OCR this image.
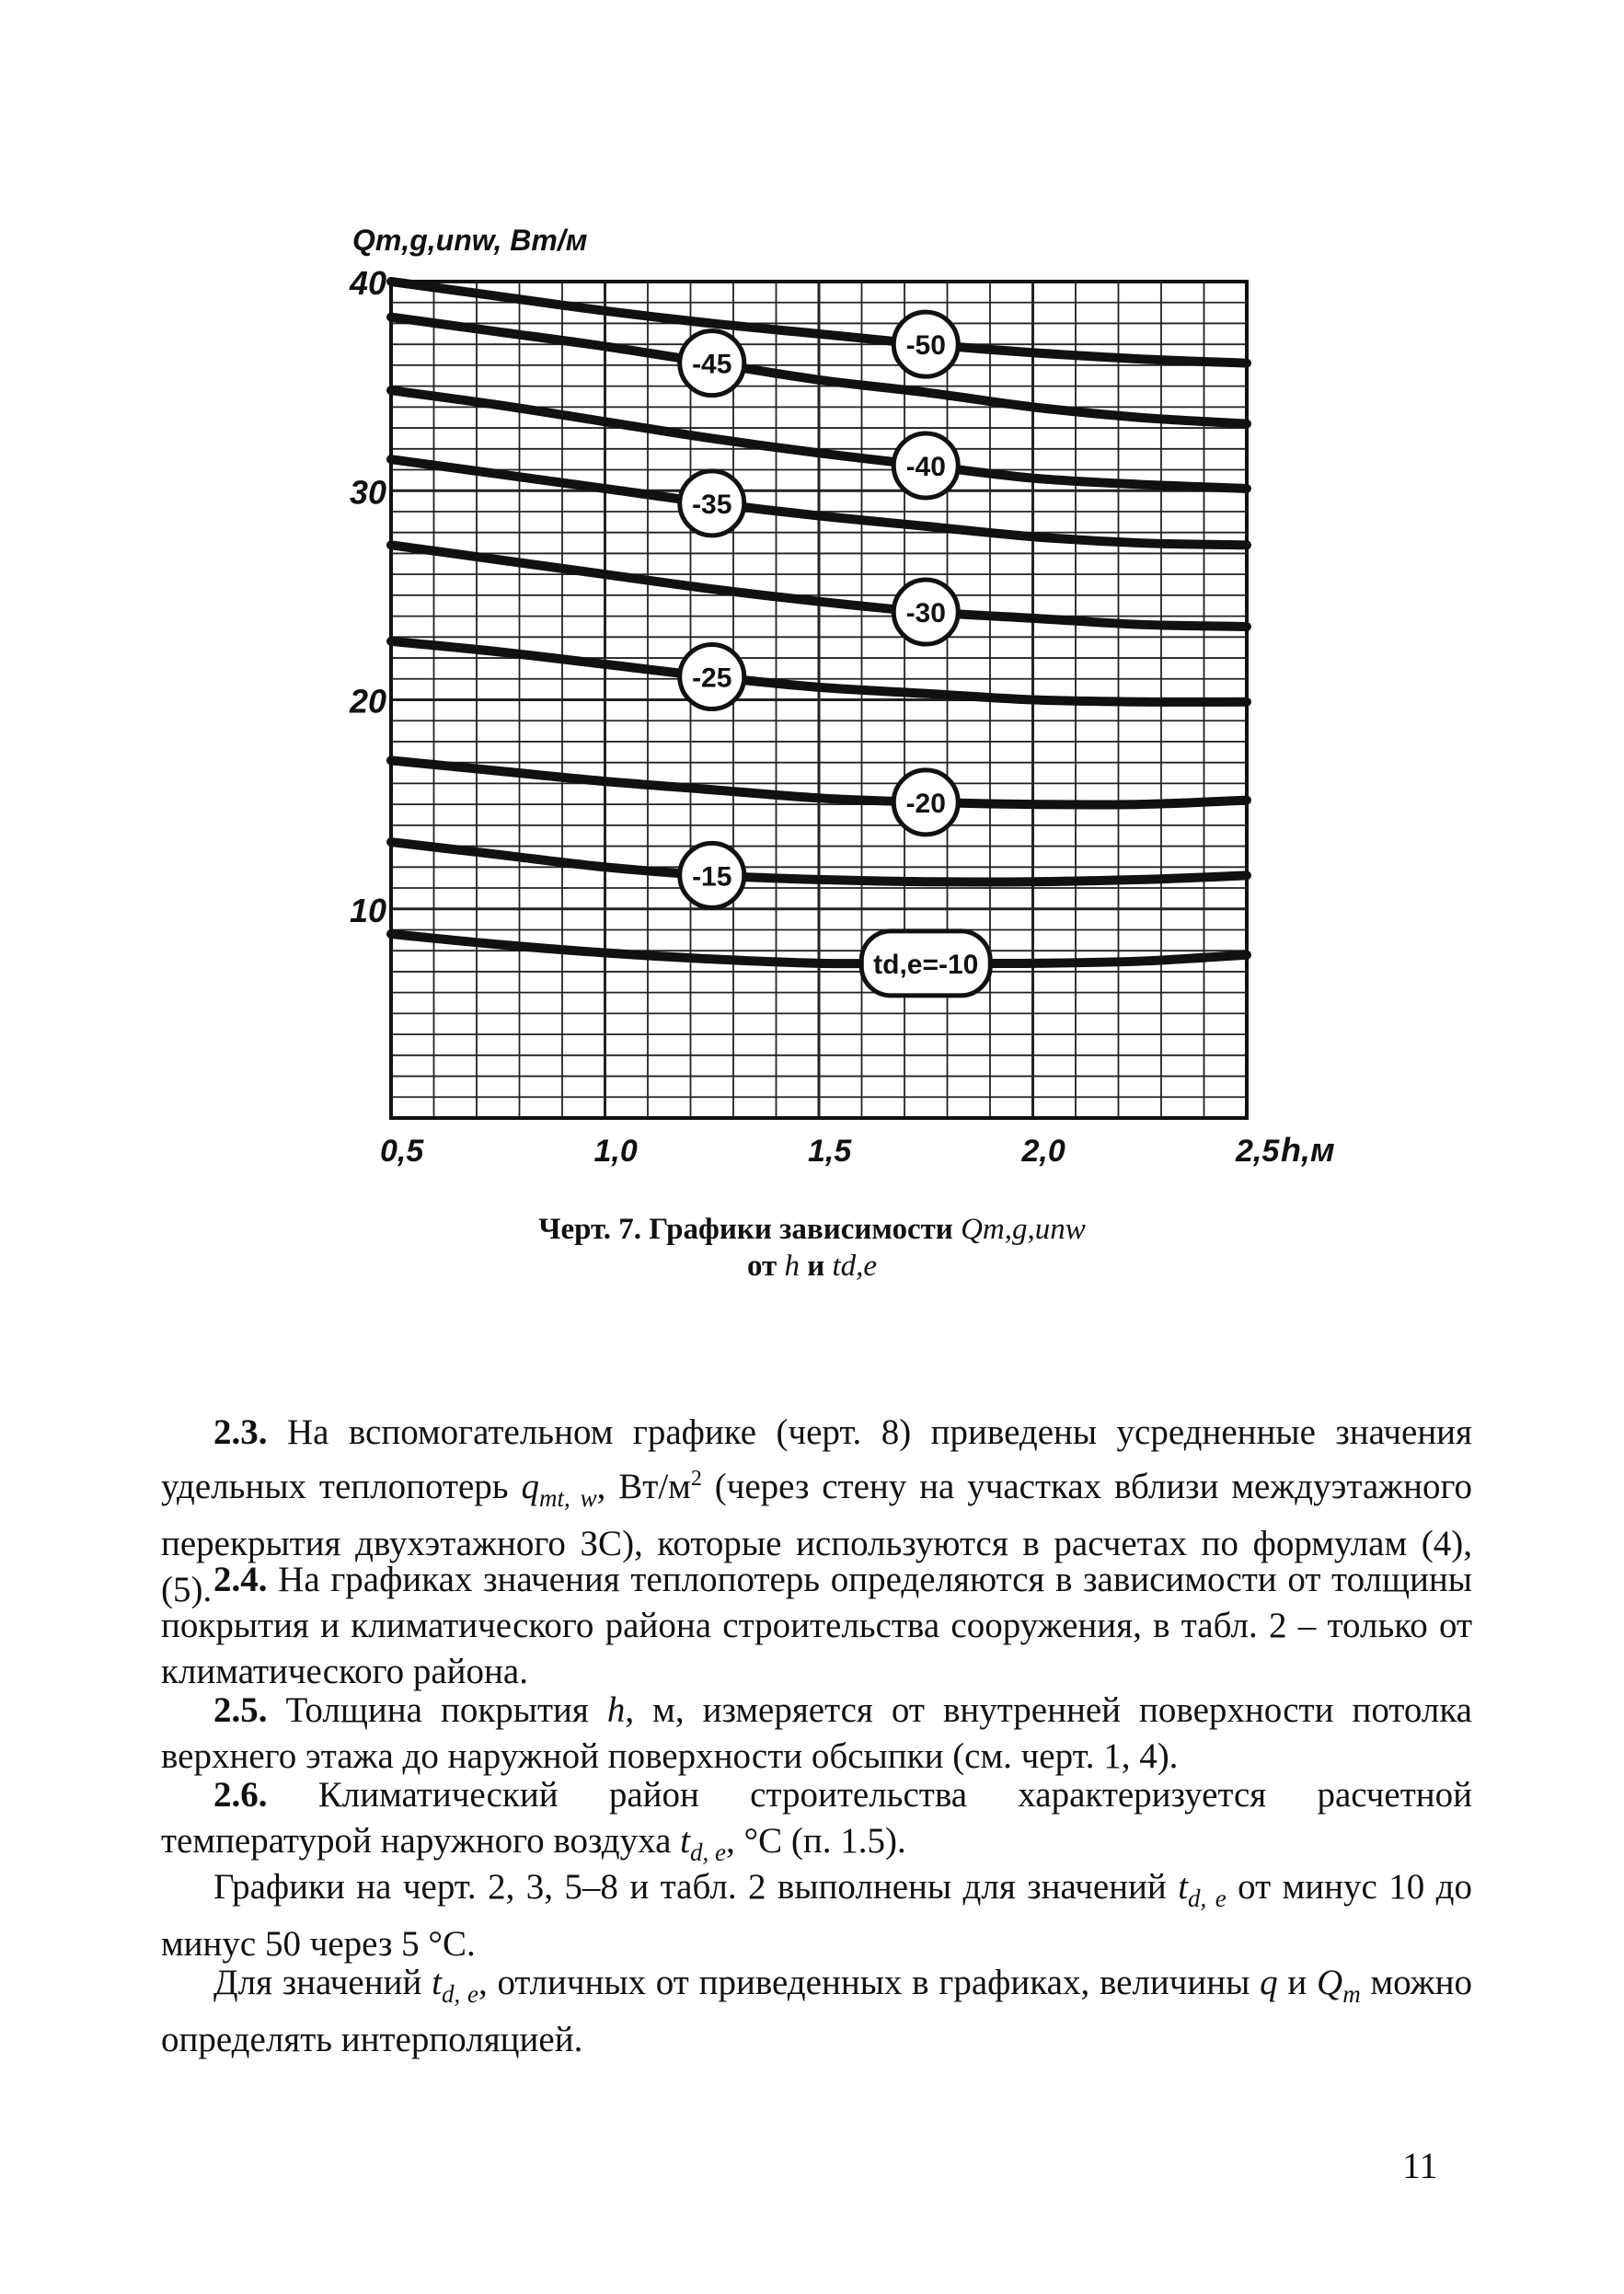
0,5	1,0	1,5	2,0	2,5
10
20
30
40
h,м
Qm,g,unw, Вт/м
-50
-45
-40
-35
-30
-25
-20
-15
td,e=-10
Черт. 7. Графики зависимости Qm,g,unw
от h и td,e
2.3. На вспомогательном графике (черт. 8) приведены усредненные значения удельных теплопотерь $q_{mt, w}$, $Вт/м^2$ (через стену на участках вблизи междуэтажного перекрытия двухэтажного ЗС), которые используются в расчетах по формулам (4), (5). 2.4. На графиках значения теплопотерь определяются в зависимости от толщины покрытия и климатического района строительства сооружения, в табл. 2 – только от климатического района.
2.5. Толщина покрытия h, м, измеряется от внутренней поверхности потолка верхнего этажа до наружной поверхности обсыпки (см. черт. 1, 4).
2.6. Климатический район строительства характеризуется расчетной температурой наружного воздуха $t_{d, e}$, °С (п. 1.5).
Графики на черт. 2, 3, 5–8 и табл. 2 выполнены для значений $t_{d, e}$ от минус 10 до минус 50 через 5 °С.
Для значений $t_{d, e}$, отличных от приведенных в графиках, величины q и $Q_m$ можно определять интерполяцией.
11
